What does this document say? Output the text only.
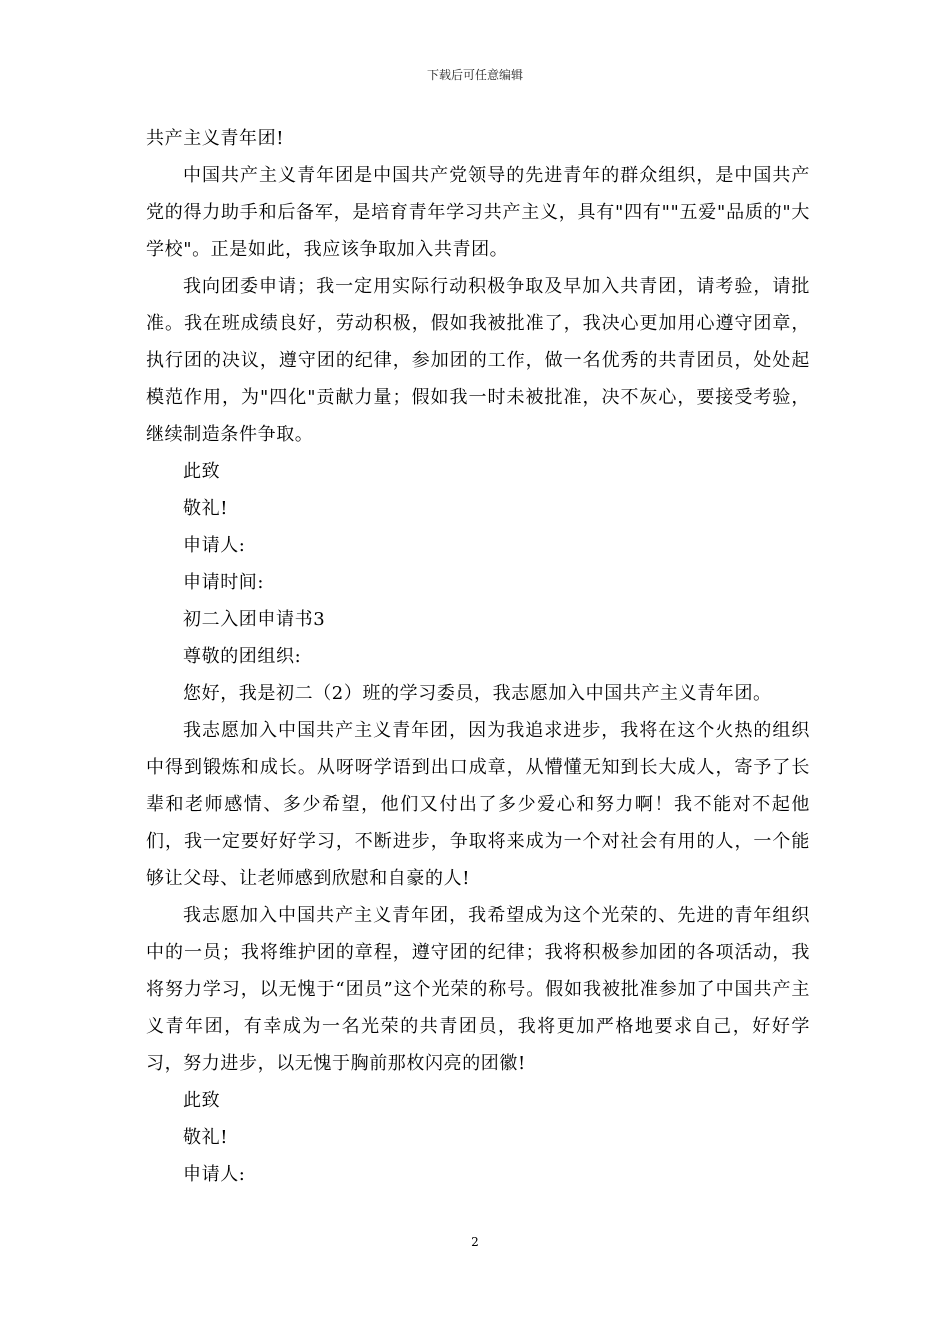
下载后可任意编辑

共产主义青年团!

中国共产主义青年团是中国共产党领导的先进青年的群众组织，是中国共产党的得力助手和后备军，是培育青年学习共产主义，具有"四有""五爱"品质的"大学校"。正是如此，我应该争取加入共青团。

我向团委申请；我一定用实际行动积极争取及早加入共青团，请考验，请批准。我在班成绩良好，劳动积极，假如我被批准了，我决心更加用心遵守团章，执行团的决议，遵守团的纪律，参加团的工作，做一名优秀的共青团员，处处起模范作用，为"四化"贡献力量；假如我一时未被批准，决不灰心，要接受考验，继续制造条件争取。

此致

敬礼!

申请人:

申请时间:

初二入团申请书3

尊敬的团组织:

您好，我是初二（2）班的学习委员，我志愿加入中国共产主义青年团。

我志愿加入中国共产主义青年团，因为我追求进步，我将在这个火热的组织中得到锻炼和成长。从呀呀学语到出口成章，从懵懂无知到长大成人，寄予了长辈和老师感情、多少希望，他们又付出了多少爱心和努力啊！我不能对不起他们，我一定要好好学习，不断进步，争取将来成为一个对社会有用的人，一个能够让父母、让老师感到欣慰和自豪的人!

我志愿加入中国共产主义青年团，我希望成为这个光荣的、先进的青年组织中的一员；我将维护团的章程，遵守团的纪律；我将积极参加团的各项活动，我将努力学习，以无愧于“团员”这个光荣的称号。假如我被批准参加了中国共产主义青年团，有幸成为一名光荣的共青团员，我将更加严格地要求自己，好好学习，努力进步，以无愧于胸前那枚闪亮的团徽!

此致

敬礼!

申请人:

2
